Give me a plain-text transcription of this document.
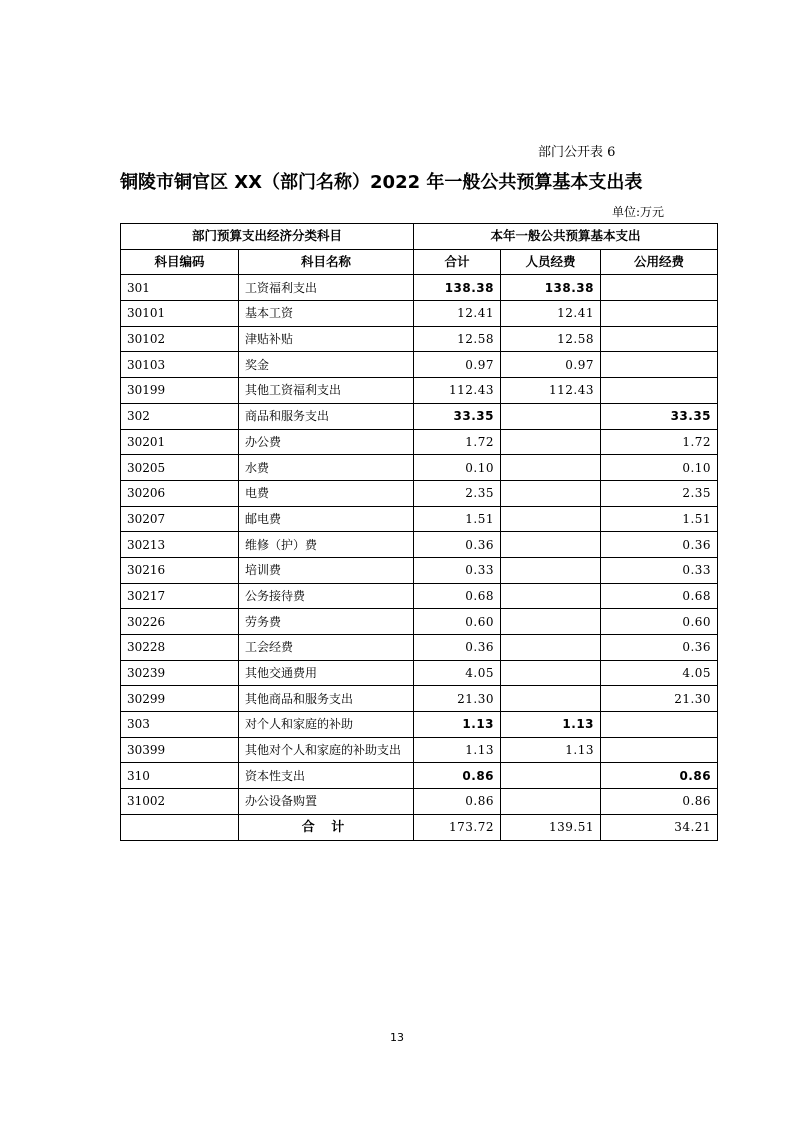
部门公开表 6
铜陵市铜官区 XX（部门名称）2022 年一般公共预算基本支出表
单位:万元
部门预算支出经济分类科目		本年一般公共预算基本支出		
科目编码	科目名称	合计	人员经费	公用经费
301	工资福利支出	138.38	138.38	
30101	基本工资	12.41	12.41	
30102	津贴补贴	12.58	12.58	
30103	奖金	0.97	0.97	
30199	其他工资福利支出	112.43	112.43	
302	商品和服务支出	33.35		33.35
30201	办公费	1.72		1.72
30205	水费	0.10		0.10
30206	电费	2.35		2.35
30207	邮电费	1.51		1.51
30213	维修（护）费	0.36		0.36
30216	培训费	0.33		0.33
30217	公务接待费	0.68		0.68
30226	劳务费	0.60		0.60
30228	工会经费	0.36		0.36
30239	其他交通费用	4.05		4.05
30299	其他商品和服务支出	21.30		21.30
303	对个人和家庭的补助	1.13	1.13	
30399	其他对个人和家庭的补助支出	1.13	1.13	
310	资本性支出	0.86		0.86
31002	办公设备购置	0.86		0.86
	合 计	173.72	139.51	34.21
13
